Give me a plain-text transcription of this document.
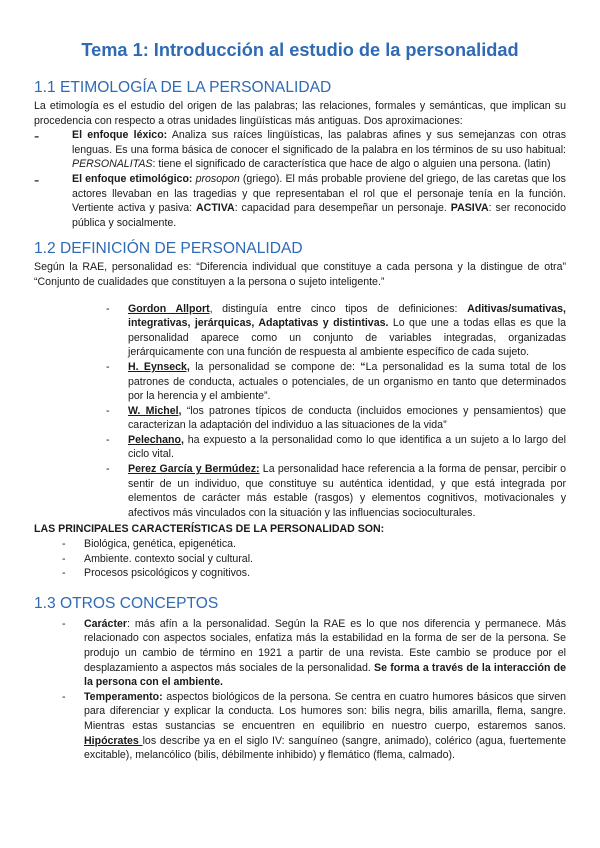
Tema 1: Introducción al estudio de la personalidad
1.1 ETIMOLOGÍA DE LA PERSONALIDAD

La etimología es el estudio del origen de las palabras; las relaciones, formales y semánticas, que implican su procedencia con respecto a otras unidades lingüísticas más antiguas. Dos aproximaciones:

-	El enfoque léxico: Analiza sus raíces lingüísticas, las palabras afines y sus semejanzas con otras lenguas. Es una forma básica de conocer el significado de la palabra en los términos de su uso habitual: PERSONALITAS: tiene el significado de característica que hace de algo o alguien una persona. (latin)

-	El enfoque etimológico: prosopon (griego). El más probable proviene del griego, de las caretas que los actores llevaban en las tragedias y que representaban el rol que el personaje tenía en la función. Vertiente activa y pasiva: ACTIVA: capacidad para desempeñar un personaje. PASIVA: ser reconocido pública y socialmente.

1.2 DEFINICIÓN DE PERSONALIDAD

Según la RAE, personalidad es: “Diferencia individual que constituye a cada persona y la distingue de otra”    “Conjunto de cualidades que constituyen a la persona o sujeto inteligente.”

-	Gordon Allport, distinguía entre cinco tipos de definiciones: Aditivas/sumativas, integrativas, jerárquicas, Adaptativas y distintivas. Lo que une a todas ellas es que la personalidad aparece como un conjunto de variables integradas, organizadas jerárquicamente con una función de respuesta al ambiente específico de cada sujeto.
-	H. Eynseck, la personalidad se compone de: “La personalidad es la suma total de los patrones de conducta, actuales o potenciales, de un organismo en tanto que determinados por la herencia y el ambiente”.
-	W. Michel, “los patrones típicos de conducta (incluidos emociones y pensamientos) que caracterizan la adaptación del individuo a las situaciones de la vida”
-	Pelechano, ha expuesto a la personalidad como lo que identifica a un sujeto a lo largo del ciclo vital.
-	Perez García y Bermúdez: La personalidad hace referencia a la forma de pensar, percibir o sentir de un individuo, que constituye su auténtica identidad, y que está integrada por elementos de carácter más estable (rasgos) y elementos cognitivos, motivacionales y afectivos más vinculados con la situación y las influencias socioculturales.
LAS PRINCIPALES CARACTERÍSTICAS DE LA PERSONALIDAD SON:
-	Biológica, genética, epigenética.
-	Ambiente. contexto social y cultural.
-	Procesos psicológicos y cognitivos.
1.3 OTROS CONCEPTOS
-	Carácter: más afín a la personalidad. Según la RAE es lo que nos diferencia y permanece. Más relacionado con aspectos sociales, enfatiza más la estabilidad en la forma de ser de la persona. Se produjo un cambio de término en 1921 a partir de una revista. Este cambio se produce por el desplazamiento a aspectos más sociales de la personalidad. Se forma a través de la interacción de la persona con el ambiente.
-	Temperamento: aspectos biológicos de la persona. Se centra en cuatro humores básicos que sirven para diferenciar y explicar la conducta. Los humores son: bilis negra, bilis amarilla, flema, sangre. Mientras estas sustancias se encuentren en equilibrio en nuestro cuerpo, estaremos sanos. Hipócrates los describe ya en el siglo IV: sanguíneo (sangre, animado), colérico (agua, fuertemente excitable), melancólico (bilis, débilmente inhibido) y flemático (flema, calmado).
